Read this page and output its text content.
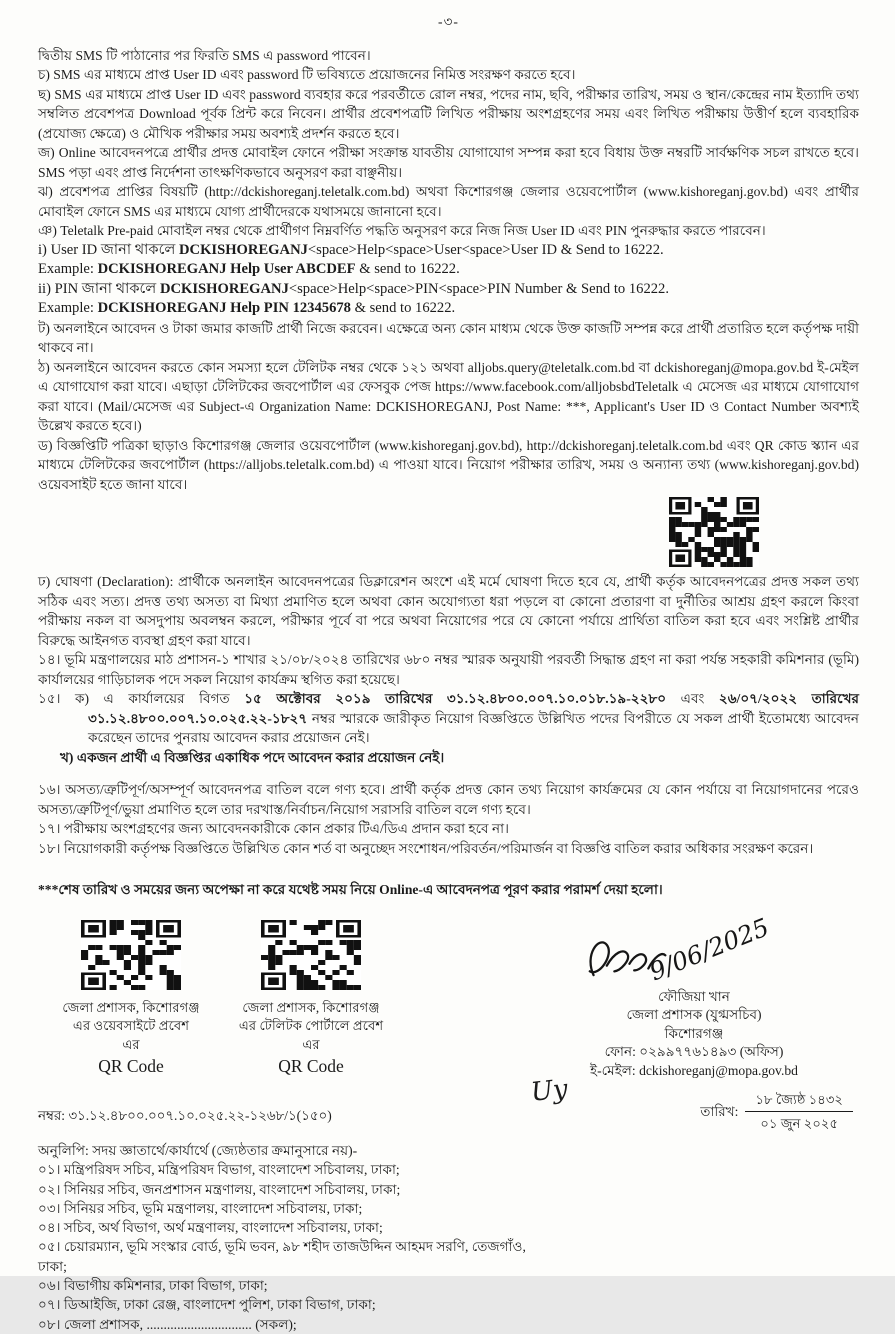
-৩-
দ্বিতীয় SMS টি পাঠানোর পর ফিরতি SMS এ password পাবেন।
চ) SMS এর মাধ্যমে প্রাপ্ত User ID এবং password টি ভবিষ্যতে প্রয়োজনের নিমিত্ত সংরক্ষণ করতে হবে।
ছ) SMS এর মাধ্যমে প্রাপ্ত User ID এবং password ব্যবহার করে পরবর্তীতে রোল নম্বর, পদের নাম, ছবি, পরীক্ষার তারিখ, সময় ও স্থান/কেন্দ্রের নাম ইত্যাদি তথ্য সম্বলিত প্রবেশপত্র Download পূর্বক প্রিন্ট করে নিবেন। প্রার্থীর প্রবেশপত্রটি লিখিত পরীক্ষায় অংশগ্রহণের সময় এবং লিখিত পরীক্ষায় উত্তীর্ণ হলে ব্যবহারিক (প্রযোজ্য ক্ষেত্রে) ও মৌখিক পরীক্ষার সময় অবশ্যই প্রদর্শন করতে হবে।
জ) Online আবেদনপত্রে প্রার্থীর প্রদত্ত মোবাইল ফোনে পরীক্ষা সংক্রান্ত যাবতীয় যোগাযোগ সম্পন্ন করা হবে বিধায় উক্ত নম্বরটি সার্বক্ষণিক সচল রাখতে হবে। SMS পড়া এবং প্রাপ্ত নির্দেশনা তাৎক্ষণিকভাবে অনুসরণ করা বাঞ্ছনীয়।
ঝ) প্রবেশপত্র প্রাপ্তির বিষয়টি (http://dckishoreganj.teletalk.com.bd) অথবা কিশোরগঞ্জ জেলার ওয়েবপোর্টাল (www.kishoreganj.gov.bd) এবং প্রার্থীর মোবাইল ফোনে SMS এর মাধ্যমে যোগ্য প্রার্থীদেরকে যথাসময়ে জানানো হবে।
ঞ) Teletalk Pre-paid মোবাইল নম্বর থেকে প্রার্থীগণ নিম্নবর্ণিত পদ্ধতি অনুসরণ করে নিজ নিজ User ID এবং PIN পুনরুদ্ধার করতে পারবেন।
i) User ID জানা থাকলে DCKISHOREGANJ<space>Help<space>User<space>User ID & Send to 16222.
Example: DCKISHOREGANJ Help User ABCDEF & send to 16222.
ii) PIN জানা থাকলে DCKISHOREGANJ<space>Help<space>PIN<space>PIN Number & Send to 16222.
Example: DCKISHOREGANJ Help PIN 12345678 & send to 16222.
ট) অনলাইনে আবেদন ও টাকা জমার কাজটি প্রার্থী নিজে করবেন। এক্ষেত্রে অন্য কোন মাধ্যম থেকে উক্ত কাজটি সম্পন্ন করে প্রার্থী প্রতারিত হলে কর্তৃপক্ষ দায়ী থাকবে না।
ঠ) অনলাইনে আবেদন করতে কোন সমস্যা হলে টেলিটক নম্বর থেকে ১২১ অথবা alljobs.query@teletalk.com.bd বা dckishoreganj@mopa.gov.bd ই-মেইল এ যোগাযোগ করা যাবে। এছাড়া টেলিটকের জবপোর্টাল এর ফেসবুক পেজ https://www.facebook.com/alljobsbdTeletalk এ মেসেজ এর মাধ্যমে যোগাযোগ করা যাবে। (Mail/মেসেজ এর Subject-এ Organization Name: DCKISHOREGANJ, Post Name: ***, Applicant's User ID ও Contact Number অবশ্যই উল্লেখ করতে হবে।)
ড) বিজ্ঞপ্তিটি পত্রিকা ছাড়াও কিশোরগঞ্জ জেলার ওয়েবপোর্টাল (www.kishoreganj.gov.bd), http://dckishoreganj.teletalk.com.bd এবং QR কোড স্ক্যান এর মাধ্যমে টেলিটকের জবপোর্টাল (https://alljobs.teletalk.com.bd) এ পাওয়া যাবে। নিয়োগ পরীক্ষার তারিখ, সময় ও অন্যান্য তথ্য (www.kishoreganj.gov.bd) ওয়েবসাইট হতে জানা যাবে।
ঢ) ঘোষণা (Declaration): প্রার্থীকে অনলাইন আবেদনপত্রের ডিক্লারেশন অংশে এই মর্মে ঘোষণা দিতে হবে যে, প্রার্থী কর্তৃক আবেদনপত্রের প্রদত্ত সকল তথ্য সঠিক এবং সত্য। প্রদত্ত তথ্য অসত্য বা মিথ্যা প্রমাণিত হলে অথবা কোন অযোগ্যতা ধরা পড়লে বা কোনো প্রতারণা বা দুর্নীতির আশ্রয় গ্রহণ করলে কিংবা পরীক্ষায় নকল বা অসদুপায় অবলম্বন করলে, পরীক্ষার পূর্বে বা পরে অথবা নিয়োগের পরে যে কোনো পর্যায়ে প্রার্থিতা বাতিল করা হবে এবং সংশ্লিষ্ট প্রার্থীর বিরুদ্ধে আইনগত ব্যবস্থা গ্রহণ করা যাবে।
১৪। ভূমি মন্ত্রণালয়ের মাঠ প্রশাসন-১ শাখার ২১/০৮/২০২৪ তারিখের ৬৮০ নম্বর স্মারক অনুযায়ী পরবর্তী সিদ্ধান্ত গ্রহণ না করা পর্যন্ত সহকারী কমিশনার (ভূমি) কার্যালয়ের গাড়িচালক পদে সকল নিয়োগ কার্যক্রম স্থগিত করা হয়েছে।
১৫। ক) এ কার্যালয়ের বিগত ১৫ অক্টোবর ২০১৯ তারিখের ৩১.১২.৪৮০০.০০৭.১০.০১৮.১৯-২২৮০ এবং ২৬/০৭/২০২২ তারিখের ৩১.১২.৪৮০০.০০৭.১০.০২৫.২২-১৮২৭ নম্বর স্মারকে জারীকৃত নিয়োগ বিজ্ঞপ্তিতে উল্লিখিত পদের বিপরীতে যে সকল প্রার্থী ইতোমধ্যে আবেদন করেছেন তাদের পুনরায় আবেদন করার প্রয়োজন নেই।
খ) একজন প্রার্থী এ বিজ্ঞপ্তির একাধিক পদে আবেদন করার প্রয়োজন নেই।
১৬। অসত্য/ত্রুটিপূর্ণ/অসম্পূর্ণ আবেদনপত্র বাতিল বলে গণ্য হবে। প্রার্থী কর্তৃক প্রদত্ত কোন তথ্য নিয়োগ কার্যক্রমের যে কোন পর্যায়ে বা নিয়োগদানের পরেও অসত্য/ত্রুটিপূর্ণ/ভুয়া প্রমাণিত হলে তার দরখাস্ত/নির্বাচন/নিয়োগ সরাসরি বাতিল বলে গণ্য হবে।
১৭। পরীক্ষায় অংশগ্রহণের জন্য আবেদনকারীকে কোন প্রকার টিএ/ডিএ প্রদান করা হবে না।
১৮। নিয়োগকারী কর্তৃপক্ষ বিজ্ঞপ্তিতে উল্লিখিত কোন শর্ত বা অনুচ্ছেদ সংশোধন/পরিবর্তন/পরিমার্জন বা বিজ্ঞপ্তি বাতিল করার অধিকার সংরক্ষণ করেন।
***শেষ তারিখ ও সময়ের জন্য অপেক্ষা না করে যথেষ্ট সময় নিয়ে Online-এ আবেদনপত্র পূরণ করার পরামর্শ দেয়া হলো।
জেলা প্রশাসক, কিশোরগঞ্জ
এর ওয়েবসাইটে প্রবেশ
এর
QR Code
জেলা প্রশাসক, কিশোরগঞ্জ
এর টেলিটক পোর্টালে প্রবেশ
এর
QR Code
নম্বর: ৩১.১২.৪৮০০.০০৭.১০.০২৫.২২-১২৬৮/১(১৫০)
অনুলিপি: সদয় জ্ঞাতার্থে/কার্যার্থে (জ্যেষ্ঠতার ক্রমানুসারে নয়)-
০১। মন্ত্রিপরিষদ সচিব, মন্ত্রিপরিষদ বিভাগ, বাংলাদেশ সচিবালয়, ঢাকা;
০২। সিনিয়র সচিব, জনপ্রশাসন মন্ত্রণালয়, বাংলাদেশ সচিবালয়, ঢাকা;
০৩। সিনিয়র সচিব, ভূমি মন্ত্রণালয়, বাংলাদেশ সচিবালয়, ঢাকা;
০৪। সচিব, অর্থ বিভাগ, অর্থ মন্ত্রণালয়, বাংলাদেশ সচিবালয়, ঢাকা;
০৫। চেয়ারম্যান, ভূমি সংস্কার বোর্ড, ভূমি ভবন, ৯৮ শহীদ তাজউদ্দিন আহমদ সরণি, তেজগাঁও, ঢাকা;
০৬। বিভাগীয় কমিশনার, ঢাকা বিভাগ, ঢাকা;
০৭। ডিআইজি, ঢাকা রেঞ্জ, বাংলাদেশ পুলিশ, ঢাকা বিভাগ, ঢাকা;
০৮। জেলা প্রশাসক, ............................... (সকল);
9/06/2025
ফৌজিয়া খান
জেলা প্রশাসক (যুগ্মসচিব)
কিশোরগঞ্জ
ফোন: ০২৯৯৭৭৬১৪৯৩ (অফিস)
ই-মেইল: dckishoreganj@mopa.gov.bd
Uy
তারিখ: $\frac{\text{১৮ জ্যৈষ্ঠ ১৪৩২}}{\text{০১ জুন ২০২৫}}$
